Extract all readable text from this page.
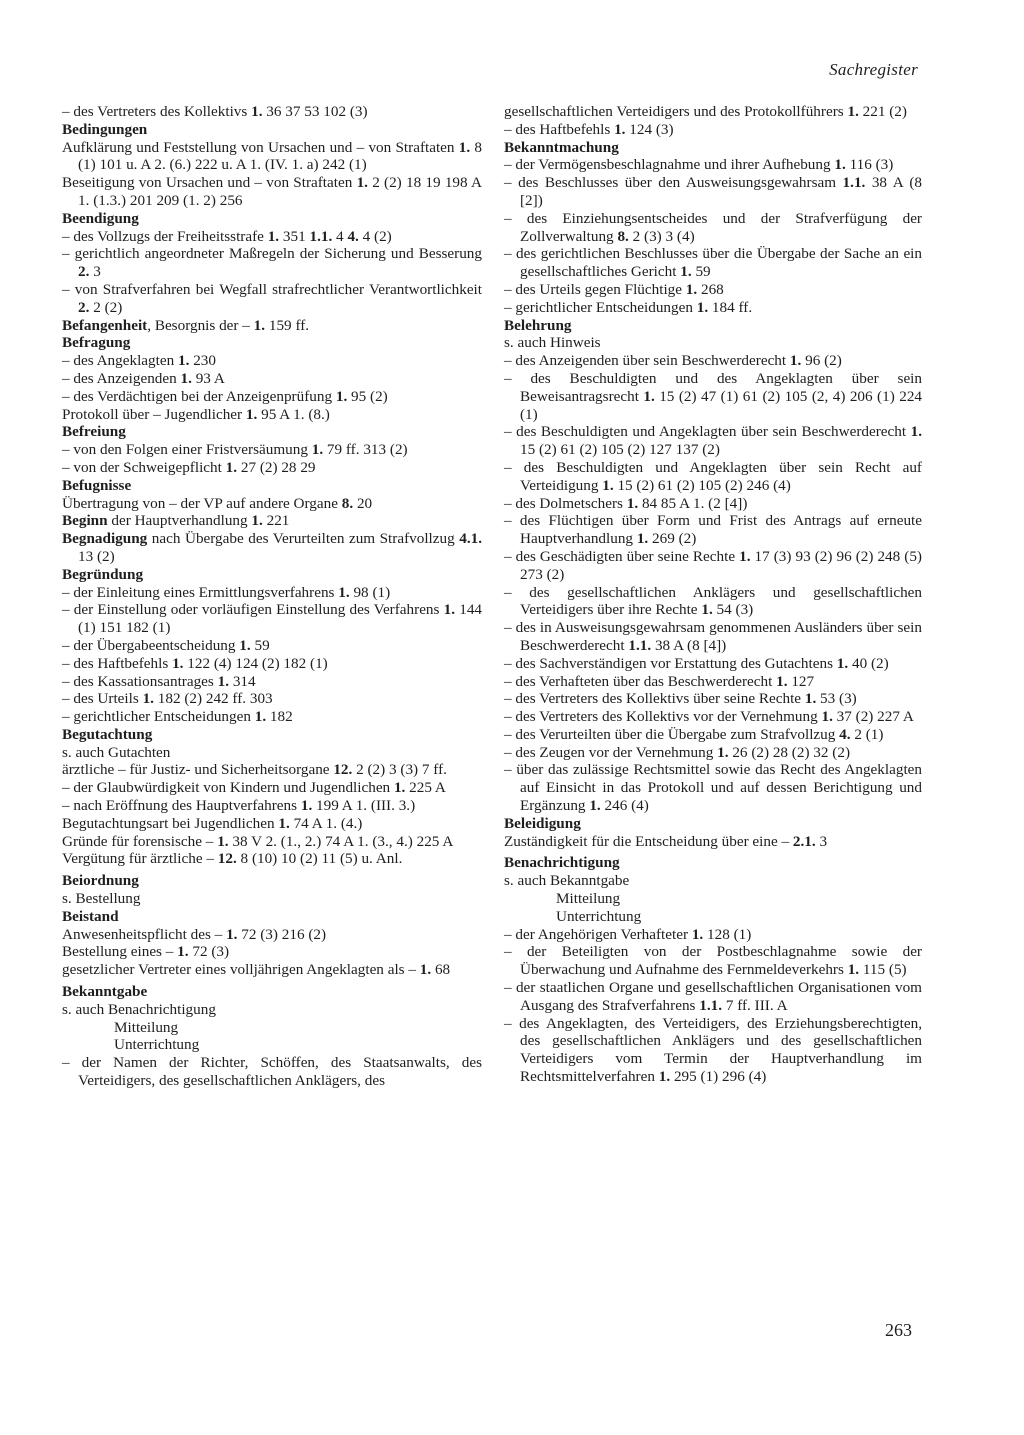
Sachregister
– des Vertreters des Kollektivs 1. 36 37 53 102 (3)
Bedingungen
Aufklärung und Feststellung von Ursachen und – von Straftaten 1. 8 (1) 101 u. A 2. (6.) 222 u. A 1. (IV. 1. a) 242 (1)
Beseitigung von Ursachen und – von Straftaten 1. 2 (2) 18 19 198 A 1. (1.3.) 201 209 (1. 2) 256
Beendigung
– des Vollzugs der Freiheitsstrafe 1. 351 1.1. 4 4. 4 (2)
– gerichtlich angeordneter Maßregeln der Sicherung und Besserung 2. 3
– von Strafverfahren bei Wegfall strafrechtlicher Verantwortlichkeit 2. 2 (2)
Befangenheit, Besorgnis der – 1. 159 ff.
Befragung
– des Angeklagten 1. 230
– des Anzeigenden 1. 93 A
– des Verdächtigen bei der Anzeigenprüfung 1. 95 (2)
Protokoll über – Jugendlicher 1. 95 A 1. (8.)
Befreiung
– von den Folgen einer Fristversäumung 1. 79 ff. 313 (2)
– von der Schweigepflicht 1. 27 (2) 28 29
Befugnisse
Übertragung von – der VP auf andere Organe 8. 20
Beginn der Hauptverhandlung 1. 221
Begnadigung nach Übergabe des Verurteilten zum Strafvollzug 4.1. 13 (2)
Begründung
– der Einleitung eines Ermittlungsverfahrens 1. 98 (1)
– der Einstellung oder vorläufigen Einstellung des Verfahrens 1. 144 (1) 151 182 (1)
– der Übergabeentscheidung 1. 59
– des Haftbefehls 1. 122 (4) 124 (2) 182 (1)
– des Kassationsantrages 1. 314
– des Urteils 1. 182 (2) 242 ff. 303
– gerichtlicher Entscheidungen 1. 182
Begutachtung
s. auch Gutachten
ärztliche – für Justiz- und Sicherheitsorgane 12. 2 (2) 3 (3) 7 ff.
– der Glaubwürdigkeit von Kindern und Jugendlichen 1. 225 A
– nach Eröffnung des Hauptverfahrens 1. 199 A 1. (III. 3.)
Begutachtungsart bei Jugendlichen 1. 74 A 1. (4.)
Gründe für forensische – 1. 38 V 2. (1., 2.) 74 A 1. (3., 4.) 225 A
Vergütung für ärztliche – 12. 8 (10) 10 (2) 11 (5) u. Anl.
Beiordnung
s. Bestellung
Beistand
Anwesenheitspflicht des – 1. 72 (3) 216 (2)
Bestellung eines – 1. 72 (3)
gesetzlicher Vertreter eines volljährigen Angeklagten als – 1. 68
Bekanntgabe
s. auch Benachrichtigung
Mitteilung
Unterrichtung
– der Namen der Richter, Schöffen, des Staatsanwalts, des Verteidigers, des gesellschaftlichen Anklägers, des
gesellschaftlichen Verteidigers und des Protokollführers 1. 221 (2)
– des Haftbefehls 1. 124 (3)
Bekanntmachung
– der Vermögensbeschlagnahme und ihrer Aufhebung 1. 116 (3)
– des Beschlusses über den Ausweisungsgewahrsam 1.1. 38 A (8 [2])
– des Einziehungsentscheides und der Strafverfügung der Zollverwaltung 8. 2 (3) 3 (4)
– des gerichtlichen Beschlusses über die Übergabe der Sache an ein gesellschaftliches Gericht 1. 59
– des Urteils gegen Flüchtige 1. 268
– gerichtlicher Entscheidungen 1. 184 ff.
Belehrung
s. auch Hinweis
– des Anzeigenden über sein Beschwerderecht 1. 96 (2)
– des Beschuldigten und des Angeklagten über sein Beweisantragsrecht 1. 15 (2) 47 (1) 61 (2) 105 (2, 4) 206 (1) 224 (1)
– des Beschuldigten und Angeklagten über sein Beschwerderecht 1. 15 (2) 61 (2) 105 (2) 127 137 (2)
– des Beschuldigten und Angeklagten über sein Recht auf Verteidigung 1. 15 (2) 61 (2) 105 (2) 246 (4)
– des Dolmetschers 1. 84 85 A 1. (2 [4])
– des Flüchtigen über Form und Frist des Antrags auf erneute Hauptverhandlung 1. 269 (2)
– des Geschädigten über seine Rechte 1. 17 (3) 93 (2) 96 (2) 248 (5) 273 (2)
– des gesellschaftlichen Anklägers und gesellschaftlichen Verteidigers über ihre Rechte 1. 54 (3)
– des in Ausweisungsgewahrsam genommenen Ausländers über sein Beschwerderecht 1.1. 38 A (8 [4])
– des Sachverständigen vor Erstattung des Gutachtens 1. 40 (2)
– des Verhafteten über das Beschwerderecht 1. 127
– des Vertreters des Kollektivs über seine Rechte 1. 53 (3)
– des Vertreters des Kollektivs vor der Vernehmung 1. 37 (2) 227 A
– des Verurteilten über die Übergabe zum Strafvollzug 4. 2 (1)
– des Zeugen vor der Vernehmung 1. 26 (2) 28 (2) 32 (2)
– über das zulässige Rechtsmittel sowie das Recht des Angeklagten auf Einsicht in das Protokoll und auf dessen Berichtigung und Ergänzung 1. 246 (4)
Beleidigung
Zuständigkeit für die Entscheidung über eine – 2.1. 3
Benachrichtigung
s. auch Bekanntgabe
Mitteilung
Unterrichtung
– der Angehörigen Verhafteter 1. 128 (1)
– der Beteiligten von der Postbeschlagnahme sowie der Überwachung und Aufnahme des Fernmeldeverkehrs 1. 115 (5)
– der staatlichen Organe und gesellschaftlichen Organisationen vom Ausgang des Strafverfahrens 1.1. 7 ff. III. A
– des Angeklagten, des Verteidigers, des Erziehungsberechtigten, des gesellschaftlichen Anklägers und des gesellschaftlichen Verteidigers vom Termin der Hauptverhandlung im Rechtsmittelverfahren 1. 295 (1) 296 (4)
263
